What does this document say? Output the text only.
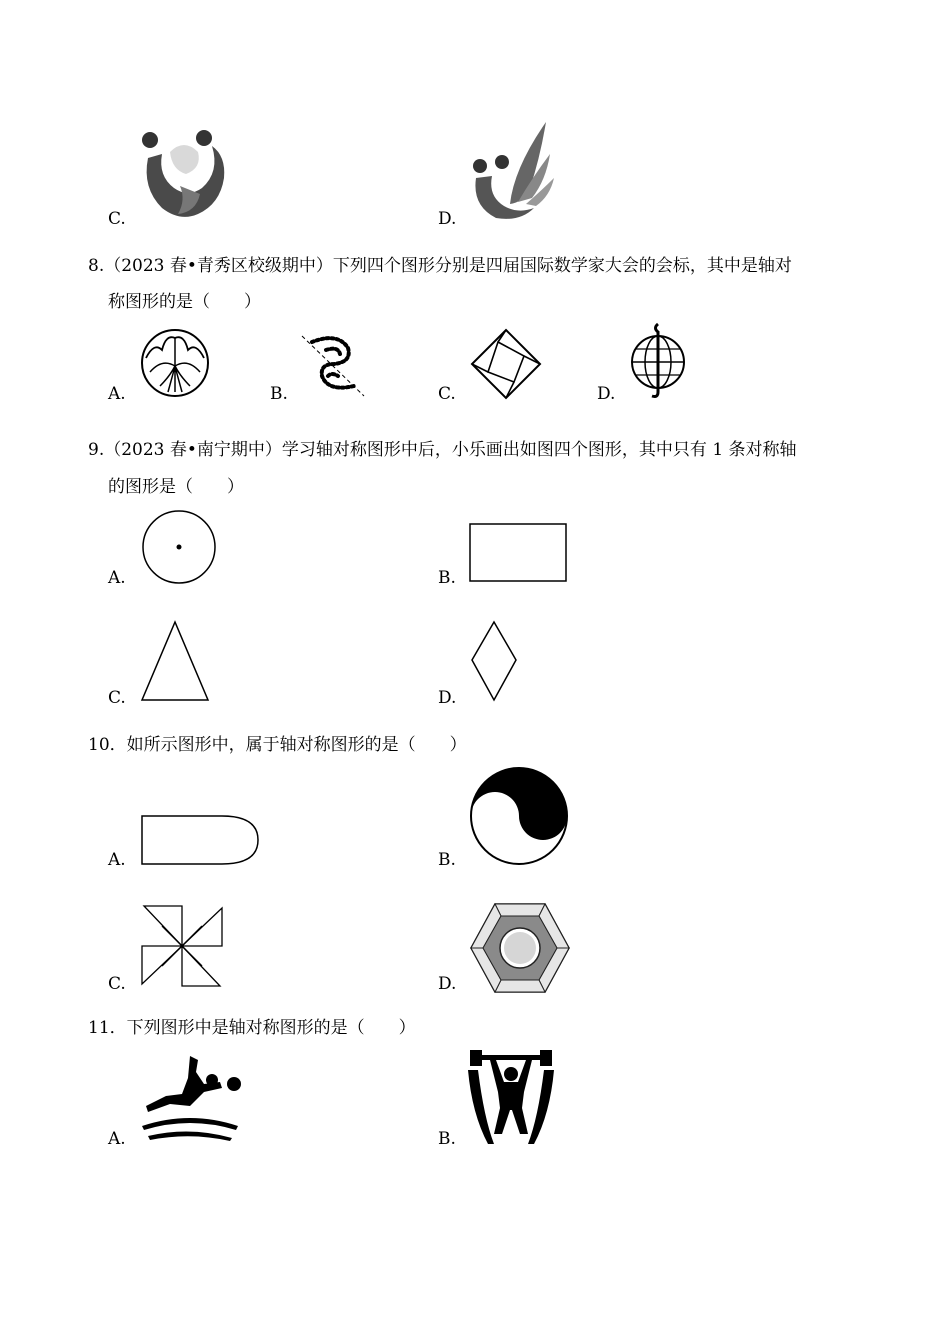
C.	D.
8.（2023 春•青秀区校级期中）下列四个图形分别是四届国际数学家大会的会标，其中是轴对
称图形的是（　　）
A.	B.	C.	D.
9.（2023 春•南宁期中）学习轴对称图形中后，小乐画出如图四个图形，其中只有 1 条对称轴
的图形是（　　）
A.	B.
C.	D.
10．如所示图形中，属于轴对称图形的是（　　）
A.	B.
C.	D.
11．下列图形中是轴对称图形的是（　　）
A.	B.
